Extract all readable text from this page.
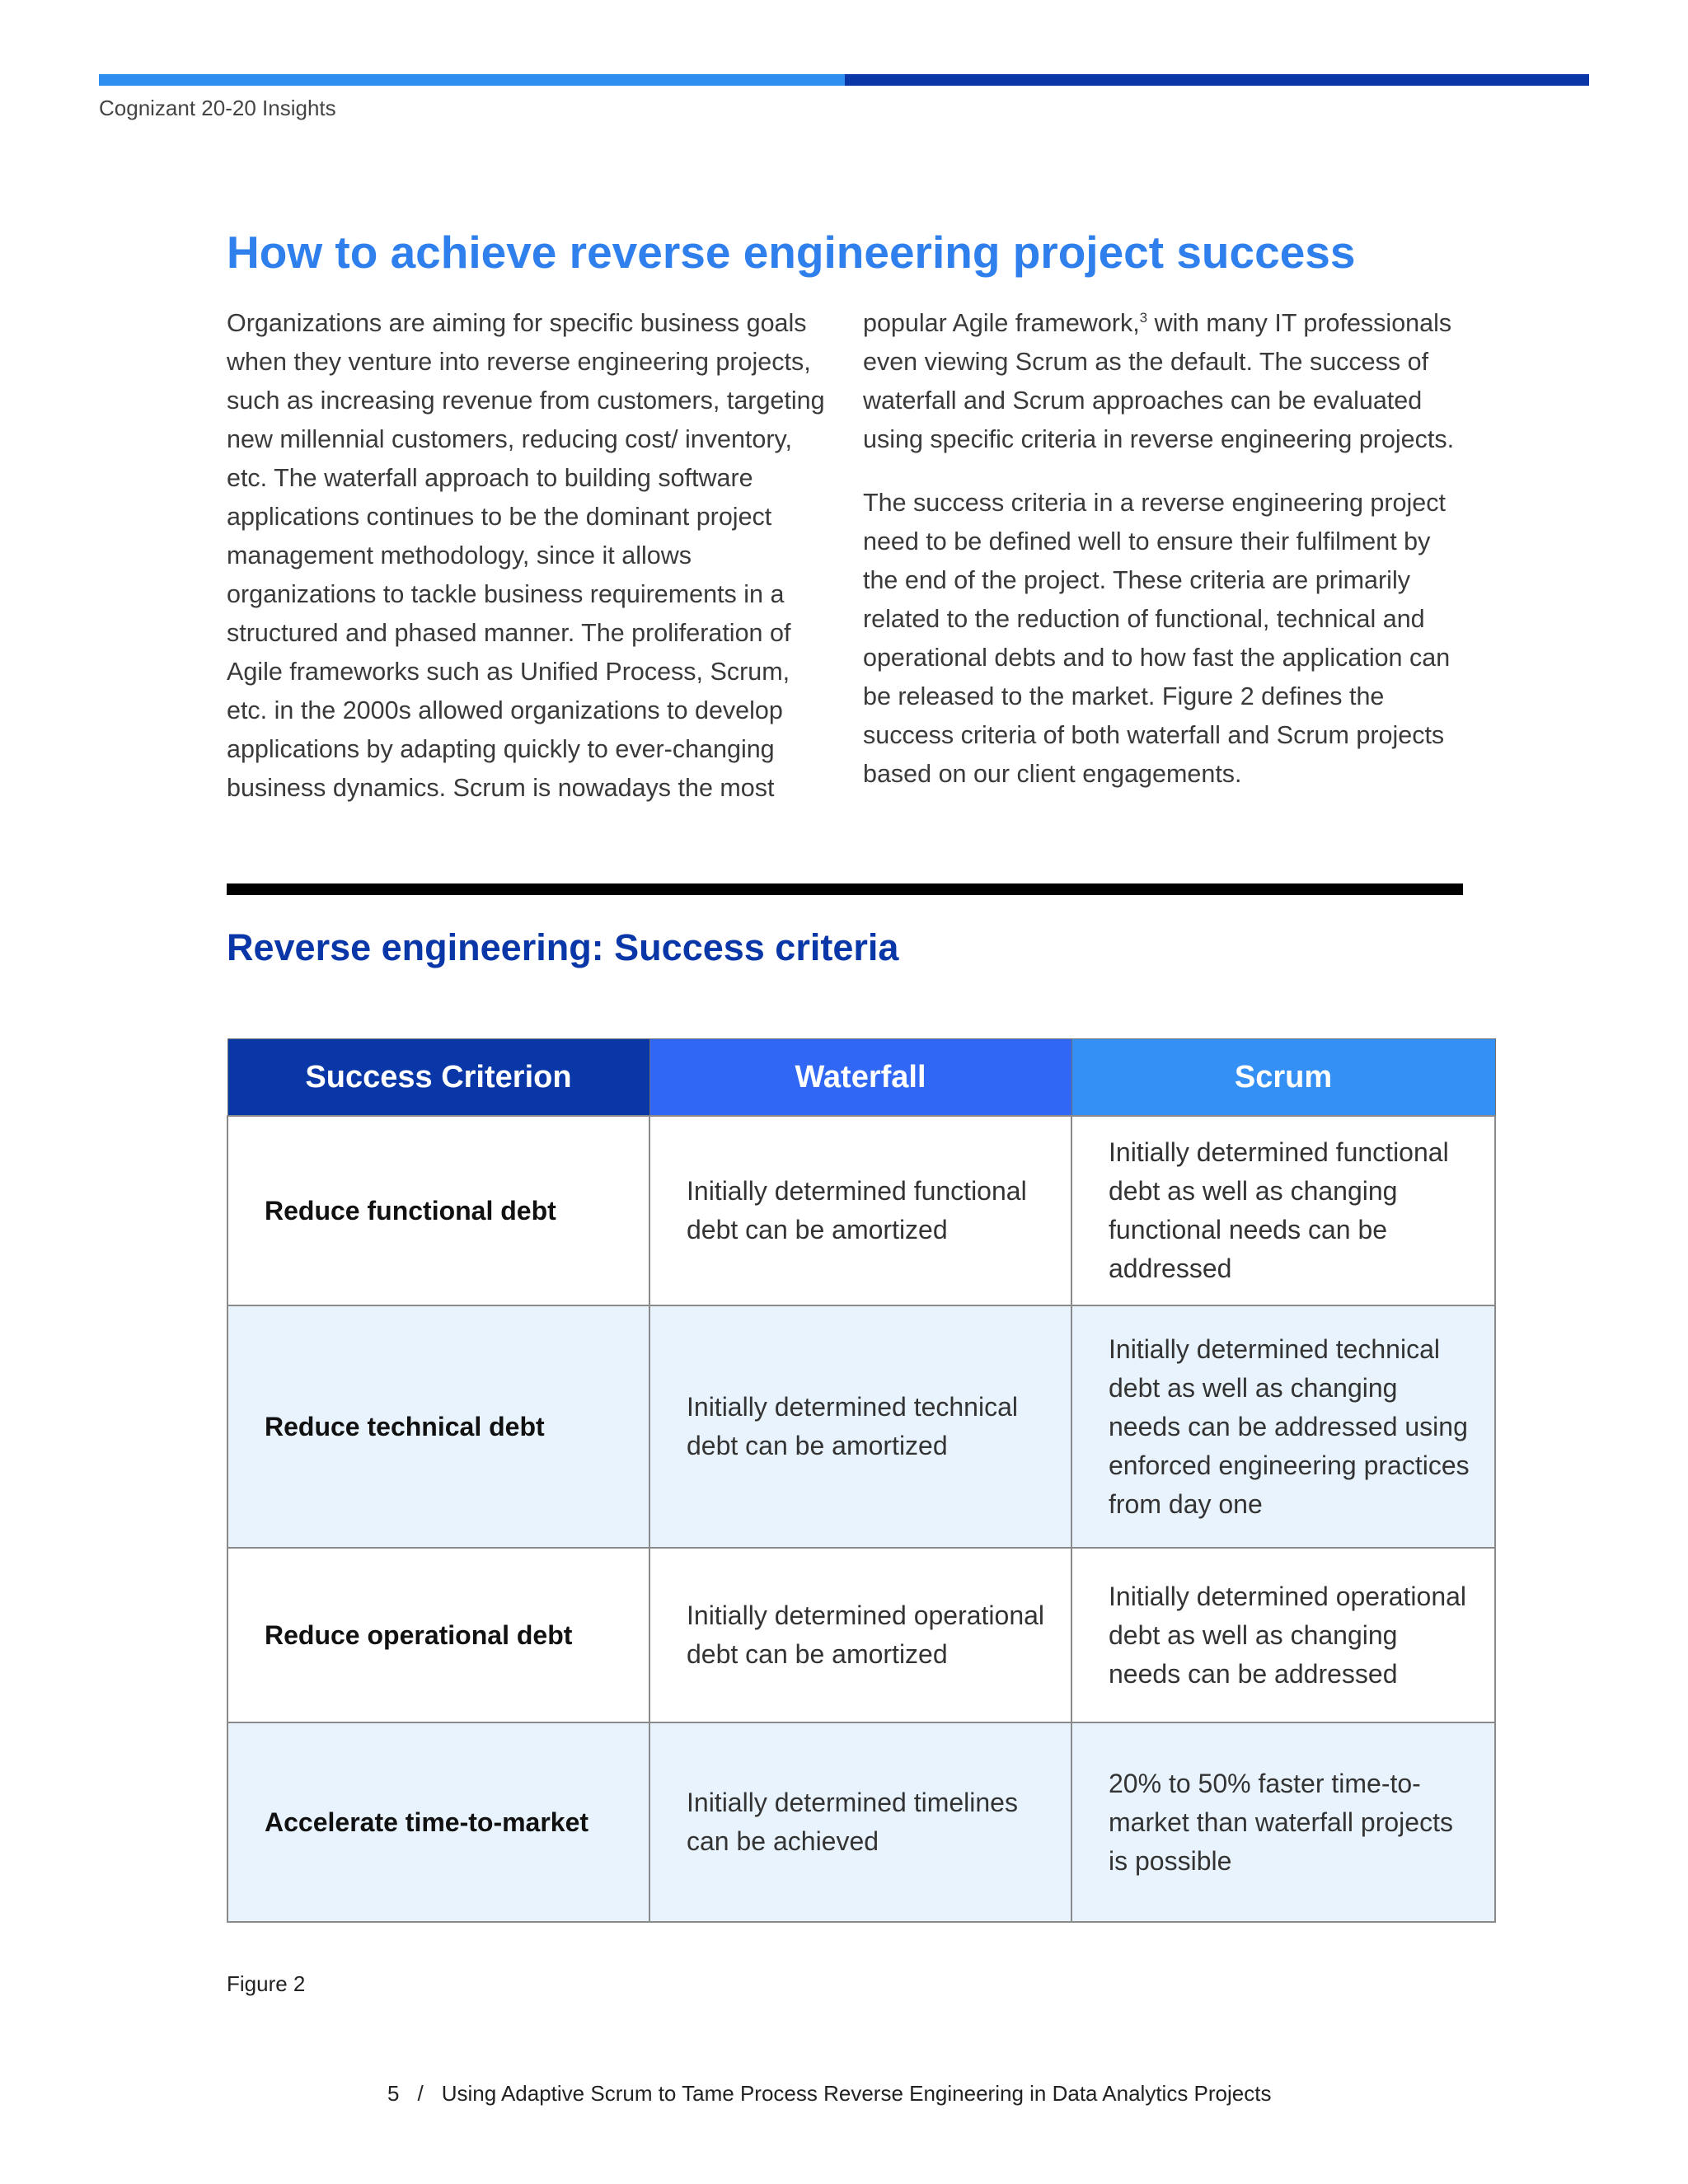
Cognizant 20-20 Insights
How to achieve reverse engineering project success

Organizations are aiming for specific business goals when they venture into reverse engineering projects, such as increasing revenue from customers, targeting new millennial customers, reducing cost/ inventory, etc. The waterfall approach to building software applications continues to be the dominant project management methodology, since it allows organizations to tackle business requirements in a structured and phased manner. The proliferation of Agile frameworks such as Unified Process, Scrum, etc. in the 2000s allowed organizations to develop applications by adapting quickly to ever-changing business dynamics. Scrum is nowadays the most

popular Agile framework,$^3$ with many IT professionals even viewing Scrum as the default. The success of waterfall and Scrum approaches can be evaluated using specific criteria in reverse engineering projects.

The success criteria in a reverse engineering project need to be defined well to ensure their fulfilment by the end of the project. These criteria are primarily related to the reduction of functional, technical and operational debts and to how fast the application can be released to the market. Figure 2 defines the success criteria of both waterfall and Scrum projects based on our client engagements.

Reverse engineering: Success criteria
Success Criterion	Waterfall	Scrum
Reduce functional debt	Initially determined functional debt can be amortized	Initially determined functional debt as well as changing functional needs can be addressed
Reduce technical debt	Initially determined technical debt can be amortized	Initially determined technical debt as well as changing needs can be addressed using enforced engineering practices from day one
Reduce operational debt	Initially determined operational debt can be amortized	Initially determined operational debt as well as changing needs can be addressed
Accelerate time-to-market	Initially determined timelines can be achieved	20% to 50% faster time-to-market than waterfall projects is possible
Figure 2
5 / Using Adaptive Scrum to Tame Process Reverse Engineering in Data Analytics Projects
